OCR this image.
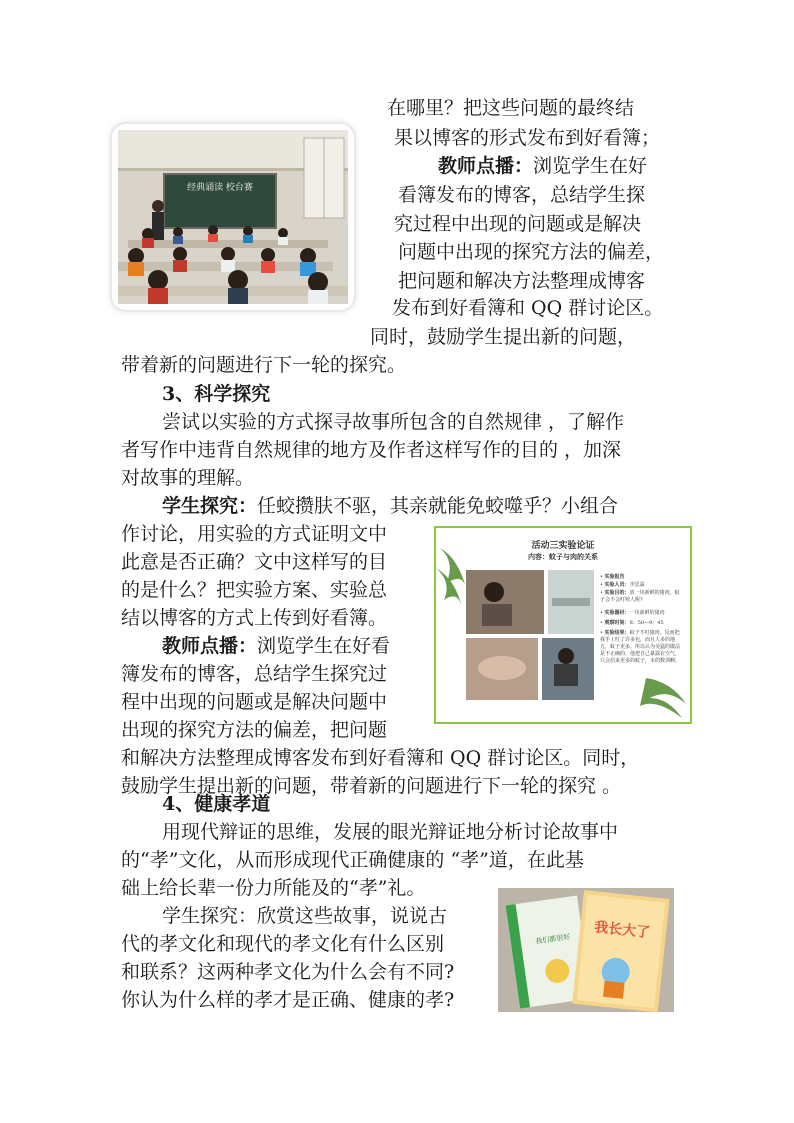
经典诵读 校台赛
在哪里？把这些问题的最终结
果以博客的形式发布到好看簿；
教师点播：浏览学生在好
看簿发布的博客，总结学生探
究过程中出现的问题或是解决
问题中出现的探究方法的偏差，
把问题和解决方法整理成博客
发布到好看簿和 QQ 群讨论区。
同时，鼓励学生提出新的问题，
带着新的问题进行下一轮的探究。
3、科学探究
尝试以实验的方式探寻故事所包含的自然规律 ，了解作
者写作中违背自然规律的地方及作者这样写作的目的 ，加深
对故事的理解。
学生探究：任蛟攒肤不驱，其亲就能免蛟噬乎？小组合
作讨论，用实验的方式证明文中
此意是否正确？文中这样写的目
的是什么？把实验方案、实验总
结以博客的方式上传到好看簿。
教师点播：浏览学生在好看
簿发布的博客，总结学生探究过
程中出现的问题或是解决问题中
出现的探究方法的偏差，把问题
和解决方法整理成博客发布到好看簿和 QQ 群讨论区。同时，
鼓励学生提出新的问题，带着新的问题进行下一轮的探究 。
活动三实验论证
内容：蚊子与肉的关系
• 实验报告
• 实验人员：李思霖
• 实验目的：放一块新鲜的猪肉，蚊子会不会叮咬人呢?
• 实验器材：一块新鲜的猪肉
• 观察时间：8：50—9：45
• 实验结果：蚊子不叮猪肉，反而把我手上叮了许多包，而且人多的地方，蚊子更多。所以认为吴猛的做法是不正确的，他把自己暴露在空气，只会招来更多的蚊子，本的数训啊。
4、健康孝道
用现代辩证的思维，发展的眼光辩证地分析讨论故事中
的“孝”文化，从而形成现代正确健康的 “孝”道，在此基
础上给长辈一份力所能及的“孝”礼。
学生探究：欣赏这些故事，说说古
代的孝文化和现代的孝文化有什么区别
和联系？这两种孝文化为什么会有不同?
你认为什么样的孝才是正确、健康的孝?
我们都很好 我长大了
